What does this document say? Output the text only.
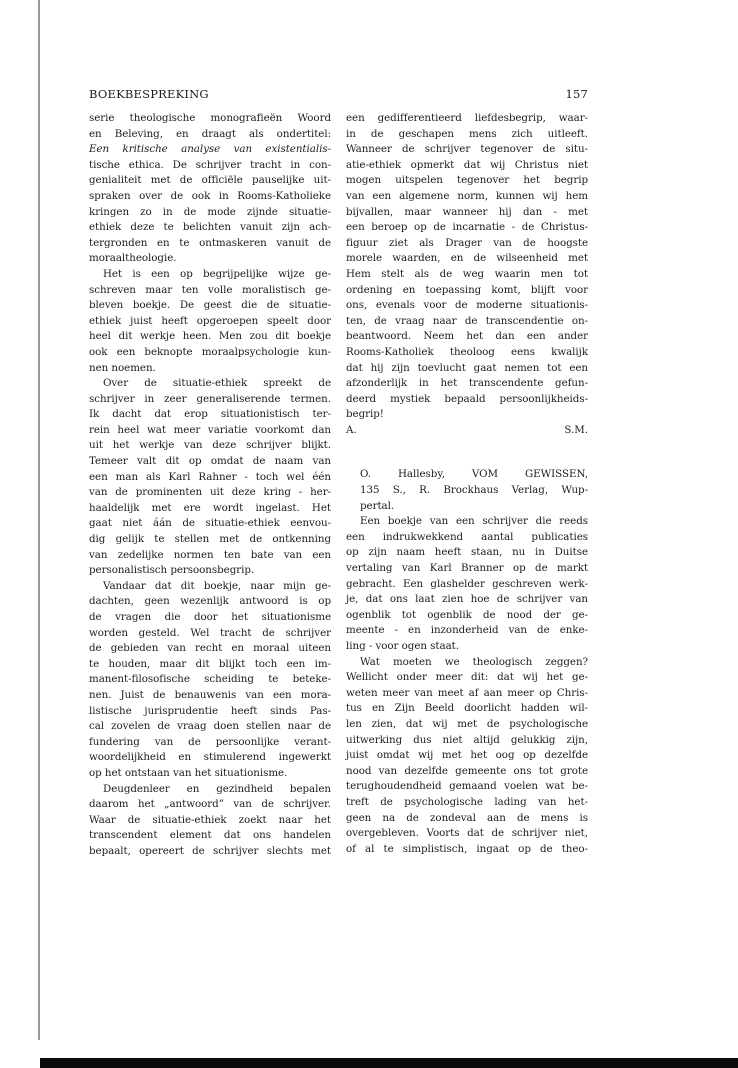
BOEKBESPREKING	157
serie theologische monografieën Woord
en Beleving, en draagt als ondertitel:
Een kritische analyse van existentialis-
tische ethica. De schrijver tracht in con-
genialiteit met de officiële pauselijke uit-
spraken over de ook in Rooms-Katholieke
kringen zo in de mode zijnde situatie-
ethiek deze te belichten vanuit zijn ach-
tergronden en te ontmaskeren vanuit de
moraaltheologie.
Het is een op begrijpelijke wijze ge-
schreven maar ten volle moralistisch ge-
bleven boekje. De geest die de situatie-
ethiek juist heeft opgeroepen speelt door
heel dit werkje heen. Men zou dit boekje
ook een beknopte moraalpsychologie kun-
nen noemen.
Over de situatie-ethiek spreekt de
schrijver in zeer generaliserende termen.
Ik dacht dat erop situationistisch ter-
rein heel wat meer variatie voorkomt dan
uit het werkje van deze schrijver blijkt.
Temeer valt dit op omdat de naam van
een man als Karl Rahner - toch wel één
van de prominenten uit deze kring - her-
haaldelijk met ere wordt ingelast. Het
gaat niet áán de situatie-ethiek eenvou-
dig gelijk te stellen met de ontkenning
van zedelijke normen ten bate van een
personalistisch persoonsbegrip.
Vandaar dat dit boekje, naar mijn ge-
dachten, geen wezenlijk antwoord is op
de vragen die door het situationisme
worden gesteld. Wel tracht de schrijver
de gebieden van recht en moraal uiteen
te houden, maar dit blijkt toch een im-
manent-filosofische scheiding te beteke-
nen. Juist de benauwenis van een mora-
listische jurisprudentie heeft sinds Pas-
cal zovelen de vraag doen stellen naar de
fundering van de persoonlijke verant-
woordelijkheid en stimulerend ingewerkt
op het ontstaan van het situationisme.
Deugdenleer en gezindheid bepalen
daarom het „antwoord” van de schrijver.
Waar de situatie-ethiek zoekt naar het
transcendent element dat ons handelen
bepaalt, opereert de schrijver slechts met
een gedifferentieerd liefdesbegrip, waar-
in de geschapen mens zich uitleeft.
Wanneer de schrijver tegenover de situ-
atie-ethiek opmerkt dat wij Christus niet
mogen uitspelen tegenover het begrip
van een algemene norm, kunnen wij hem
bijvallen, maar wanneer hij dan - met
een beroep op de incarnatie - de Christus-
figuur ziet als Drager van de hoogste
morele waarden, en de wilseenheid met
Hem stelt als de weg waarin men tot
ordening en toepassing komt, blijft voor
ons, evenals voor de moderne situationis-
ten, de vraag naar de transcendentie on-
beantwoord. Neem het dan een ander
Rooms-Katholiek theoloog eens kwalijk
dat hij zijn toevlucht gaat nemen tot een
afzonderlijk in het transcendente gefun-
deerd mystiek bepaald persoonlijkheids-
begrip!
A.	S.M.
O. Hallesby, VOM GEWISSEN,
135 S., R. Brockhaus Verlag, Wup-
pertal.
Een boekje van een schrijver die reeds
een indrukwekkend aantal publicaties
op zijn naam heeft staan, nu in Duitse
vertaling van Karl Branner op de markt
gebracht. Een glashelder geschreven werk-
je, dat ons laat zien hoe de schrijver van
ogenblik tot ogenblik de nood der ge-
meente - en inzonderheid van de enke-
ling - voor ogen staat.
Wat moeten we theologisch zeggen?
Wellicht onder meer dit: dat wij het ge-
weten meer van meet af aan meer op Chris-
tus en Zijn Beeld doorlicht hadden wil-
len zien, dat wij met de psychologische
uitwerking dus niet altijd gelukkig zijn,
juist omdat wij met het oog op dezelfde
nood van dezelfde gemeente ons tot grote
terughoudendheid gemaand voelen wat be-
treft de psychologische lading van het-
geen na de zondeval aan de mens is
overgebleven. Voorts dat de schrijver niet,
of al te simplistisch, ingaat op de theo-
